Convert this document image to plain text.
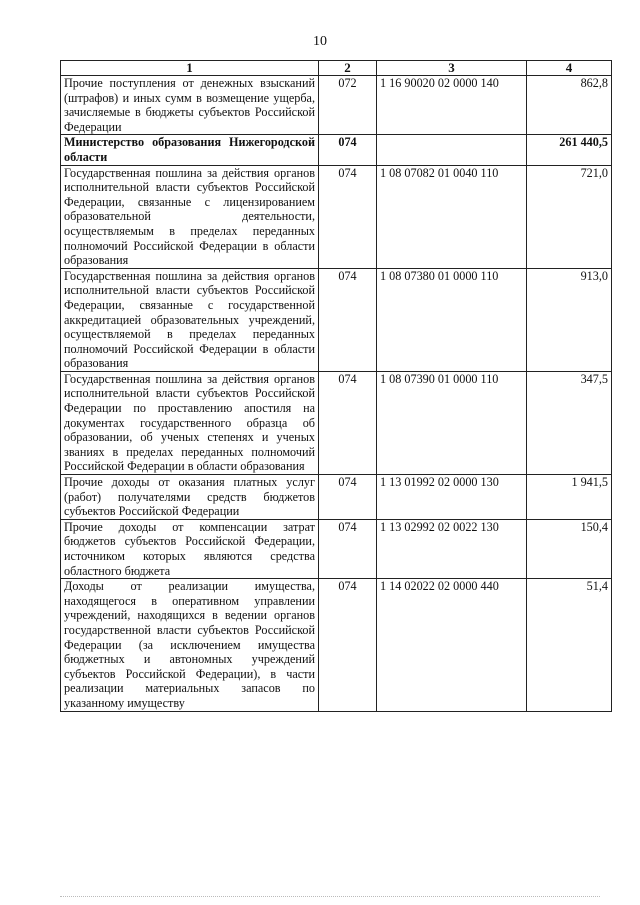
10
1	2	3	4
Прочие поступления от денежных взысканий (штрафов) и иных сумм в возмещение ущерба, зачисляемые в бюджеты субъектов Российской Федерации	072	1 16 90020 02 0000 140	862,8
Министерство образования Нижегородской области	074		261 440,5
Государственная пошлина за действия органов исполнительной власти субъектов Российской Федерации, связанные с лицензированием образовательной деятельности, осуществляемым в пределах переданных полномочий Российской Федерации в области образования	074	1 08 07082 01 0040 110	721,0
Государственная пошлина за действия органов исполнительной власти субъектов Российской Федерации, связанные с государственной аккредитацией образовательных учреждений, осуществляемой в пределах переданных полномочий Российской Федерации в области образования	074	1 08 07380 01 0000 110	913,0
Государственная пошлина за действия органов исполнительной власти субъектов Российской Федерации по проставлению апостиля на документах государственного образца об образовании, об ученых степенях и ученых званиях в пределах переданных полномочий Российской Федерации в области образования	074	1 08 07390 01 0000 110	347,5
Прочие доходы от оказания платных услуг (работ) получателями средств бюджетов субъектов Российской Федерации	074	1 13 01992 02 0000 130	1 941,5
Прочие доходы от компенсации затрат бюджетов субъектов Российской Федерации, источником которых являются средства областного бюджета	074	1 13 02992 02 0022 130	150,4
Доходы от реализации имущества, находящегося в оперативном управлении учреждений, находящихся в ведении органов государственной власти субъектов Российской Федерации (за исключением имущества бюджетных и автономных учреждений субъектов Российской Федерации), в части реализации материальных запасов по указанному имуществу	074	1 14 02022 02 0000 440	51,4
